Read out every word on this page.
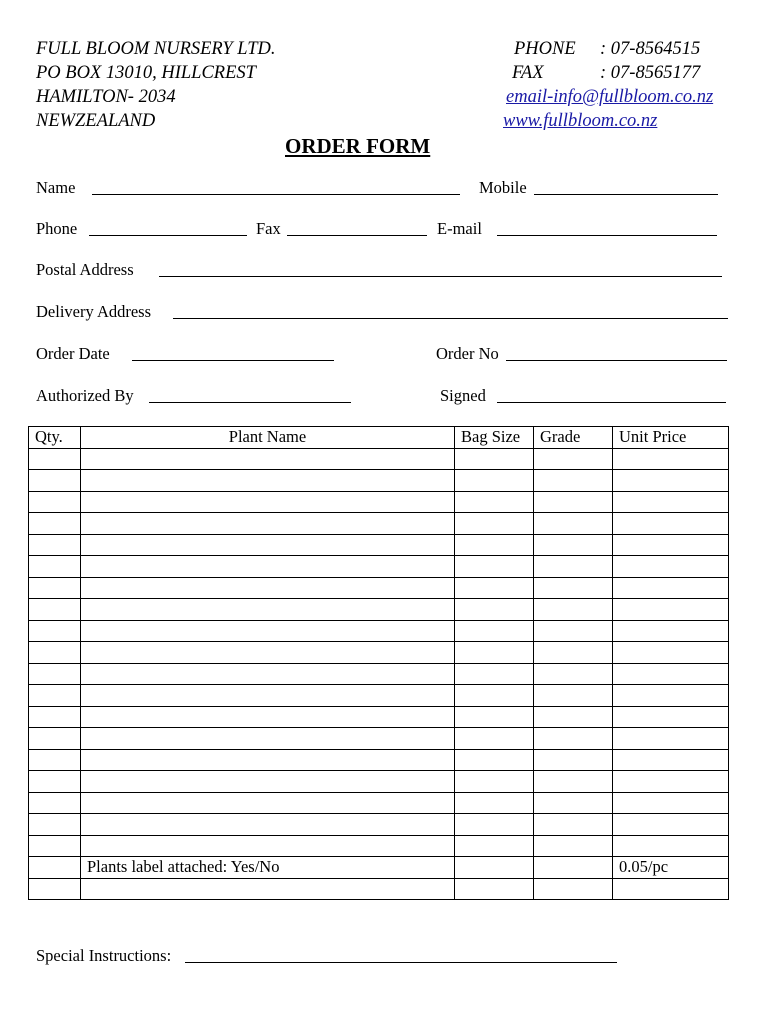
FULL BLOOM NURSERY LTD.
PO BOX 13010, HILLCREST
HAMILTON- 2034
NEWZEALAND
PHONE : 07-8564515
FAX	: 07-8565177
email-info@fullbloom.co.nz
www.fullbloom.co.nz
ORDER FORM
Name	Mobile
Phone	Fax	E-mail
Postal Address
Delivery Address
Order Date	Order No
Authorized By	Signed
Qty.	Plant Name	Bag Size	Grade	Unit Price

	Plants label attached: Yes/No			0.05/pc

Special Instructions:
